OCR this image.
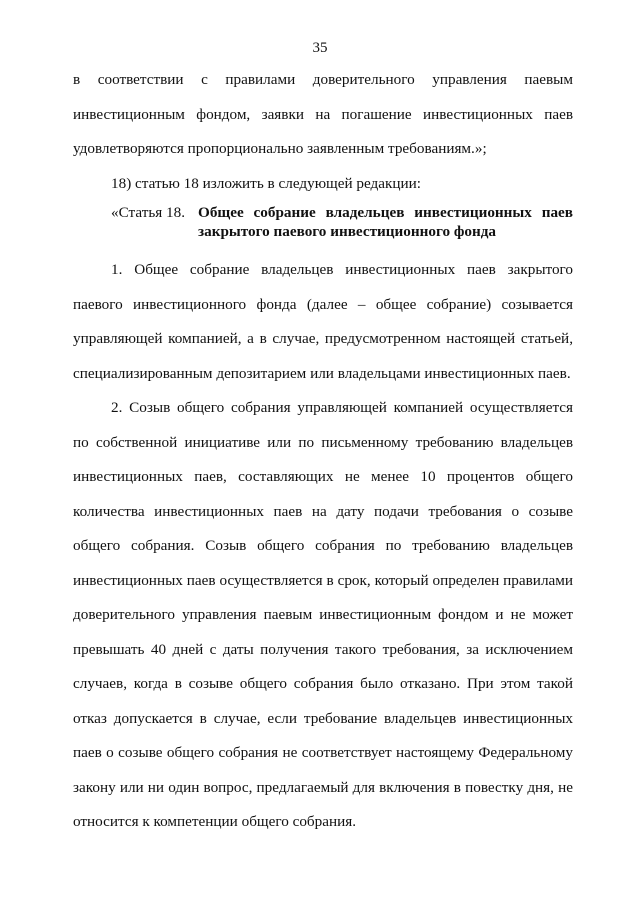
35

в соответствии с правилами доверительного управления паевым инвестиционным фондом, заявки на погашение инвестиционных паев удовлетворяются пропорционально заявленным требованиям.»;

18) статью 18 изложить в следующей редакции:

«Статья 18. Общее собрание владельцев инвестиционных паев закрытого паевого инвестиционного фонда

1. Общее собрание владельцев инвестиционных паев закрытого паевого инвестиционного фонда (далее – общее собрание) созывается управляющей компанией, а в случае, предусмотренном настоящей статьей, специализированным депозитарием или владельцами инвестиционных паев.

2. Созыв общего собрания управляющей компанией осуществляется по собственной инициативе или по письменному требованию владельцев инвестиционных паев, составляющих не менее 10 процентов общего количества инвестиционных паев на дату подачи требования о созыве общего собрания. Созыв общего собрания по требованию владельцев инвестиционных паев осуществляется в срок, который определен правилами доверительного управления паевым инвестиционным фондом и не может превышать 40 дней с даты получения такого требования, за исключением случаев, когда в созыве общего собрания было отказано. При этом такой отказ допускается в случае, если требование владельцев инвестиционных паев о созыве общего собрания не соответствует настоящему Федеральному закону или ни один вопрос, предлагаемый для включения в повестку дня, не относится к компетенции общего собрания.
